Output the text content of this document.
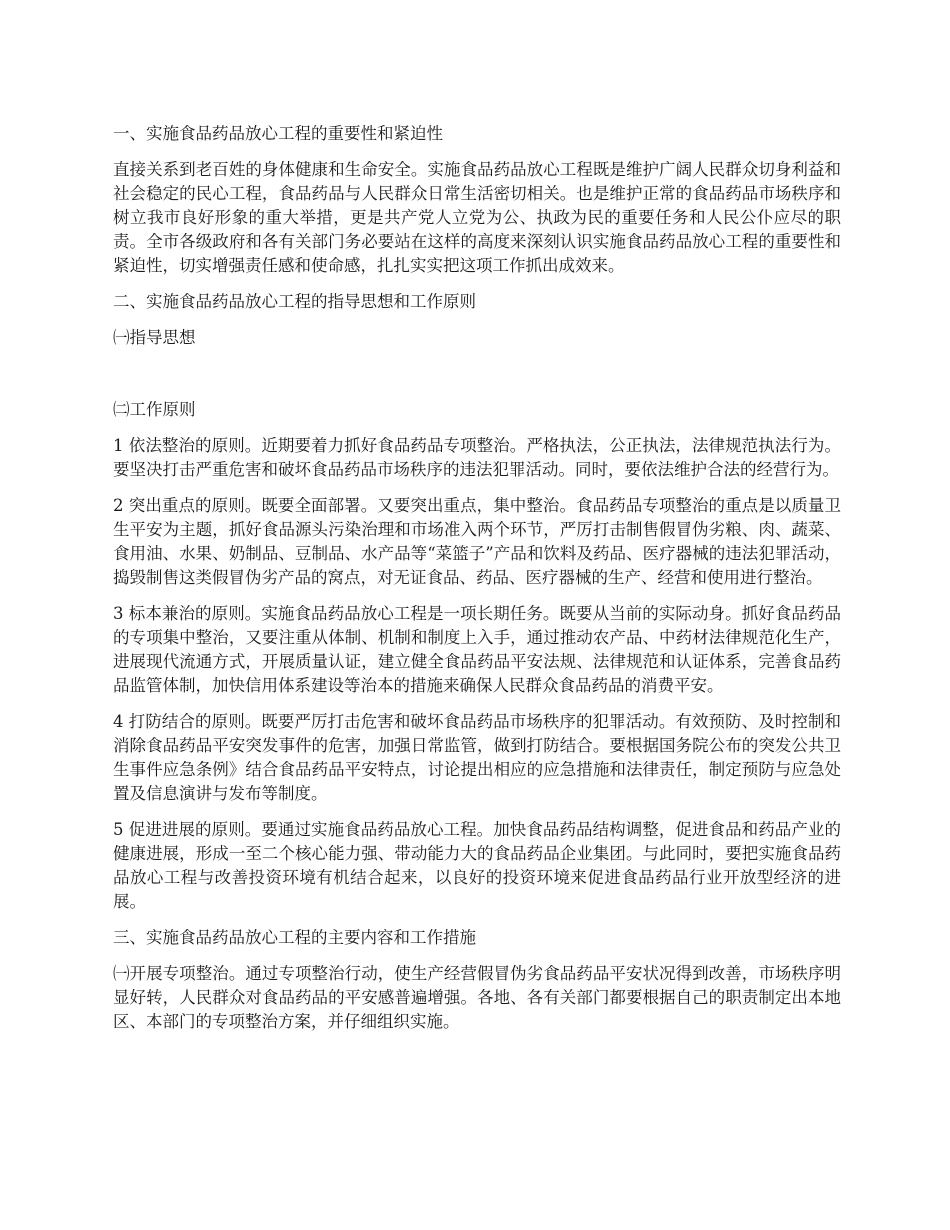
一、实施食品药品放心工程的重要性和紧迫性
直接关系到老百姓的身体健康和生命安全。实施食品药品放心工程既是维护广阔人民群众切身利益和社会稳定的民心工程，食品药品与人民群众日常生活密切相关。也是维护正常的食品药品市场秩序和树立我市良好形象的重大举措，更是共产党人立党为公、执政为民的重要任务和人民公仆应尽的职责。全市各级政府和各有关部门务必要站在这样的高度来深刻认识实施食品药品放心工程的重要性和紧迫性，切实增强责任感和使命感，扎扎实实把这项工作抓出成效来。
二、实施食品药品放心工程的指导思想和工作原则
㈠指导思想
㈡工作原则
1 依法整治的原则。近期要着力抓好食品药品专项整治。严格执法，公正执法，法律规范执法行为。要坚决打击严重危害和破坏食品药品市场秩序的违法犯罪活动。同时，要依法维护合法的经营行为。
2 突出重点的原则。既要全面部署。又要突出重点，集中整治。食品药品专项整治的重点是以质量卫生平安为主题，抓好食品源头污染治理和市场准入两个环节，严厉打击制售假冒伪劣粮、肉、蔬菜、食用油、水果、奶制品、豆制品、水产品等“菜篮子”产品和饮料及药品、医疗器械的违法犯罪活动，捣毁制售这类假冒伪劣产品的窝点，对无证食品、药品、医疗器械的生产、经营和使用进行整治。
3 标本兼治的原则。实施食品药品放心工程是一项长期任务。既要从当前的实际动身。抓好食品药品的专项集中整治，又要注重从体制、机制和制度上入手，通过推动农产品、中药材法律规范化生产，进展现代流通方式，开展质量认证，建立健全食品药品平安法规、法律规范和认证体系，完善食品药品监管体制，加快信用体系建设等治本的措施来确保人民群众食品药品的消费平安。
4 打防结合的原则。既要严厉打击危害和破坏食品药品市场秩序的犯罪活动。有效预防、及时控制和消除食品药品平安突发事件的危害，加强日常监管，做到打防结合。要根据国务院公布的突发公共卫生事件应急条例》结合食品药品平安特点，讨论提出相应的应急措施和法律责任，制定预防与应急处置及信息演讲与发布等制度。
5 促进进展的原则。要通过实施食品药品放心工程。加快食品药品结构调整，促进食品和药品产业的健康进展，形成一至二个核心能力强、带动能力大的食品药品企业集团。与此同时，要把实施食品药品放心工程与改善投资环境有机结合起来，以良好的投资环境来促进食品药品行业开放型经济的进展。
三、实施食品药品放心工程的主要内容和工作措施
㈠开展专项整治。通过专项整治行动，使生产经营假冒伪劣食品药品平安状况得到改善，市场秩序明显好转，人民群众对食品药品的平安感普遍增强。各地、各有关部门都要根据自己的职责制定出本地区、本部门的专项整治方案，并仔细组织实施。
